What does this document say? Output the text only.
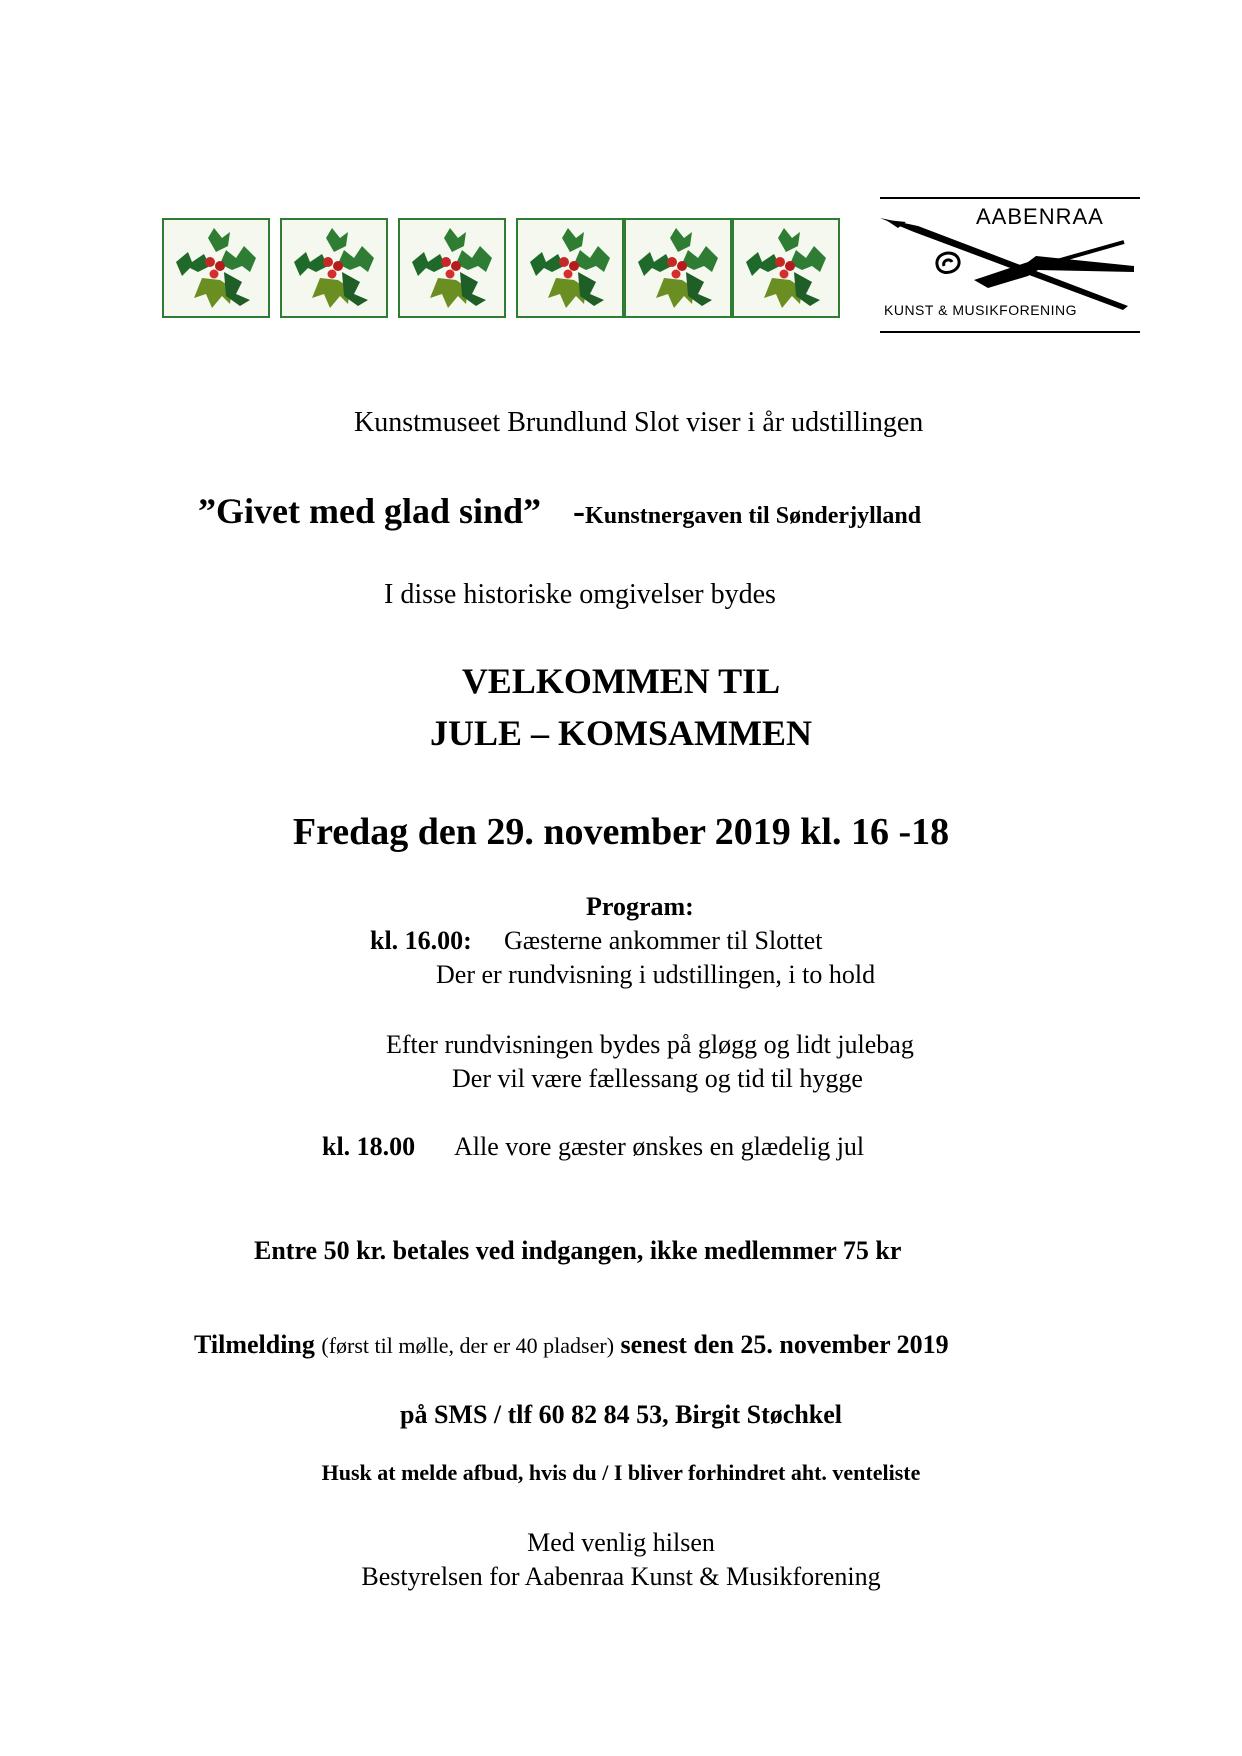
AABENRAA
KUNST & MUSIKFORENING
Kunstmuseet Brundlund Slot viser i år udstillingen
”Givet med glad sind” -Kunstnergaven til Sønderjylland
I disse historiske omgivelser bydes
VELKOMMEN TIL
JULE – KOMSAMMEN
Fredag den 29. november 2019 kl. 16 -18
Program:
kl. 16.00: Gæsterne ankommer til Slottet
Der er rundvisning i udstillingen, i to hold
Efter rundvisningen bydes på gløgg og lidt julebag
Der vil være fællessang og tid til hygge
kl. 18.00 Alle vore gæster ønskes en glædelig jul
Entre 50 kr. betales ved indgangen, ikke medlemmer 75 kr
Tilmelding (først til mølle, der er 40 pladser) senest den 25. november 2019
på SMS / tlf 60 82 84 53, Birgit Støchkel
Husk at melde afbud, hvis du / I bliver forhindret aht. venteliste
Med venlig hilsen
Bestyrelsen for Aabenraa Kunst & Musikforening
